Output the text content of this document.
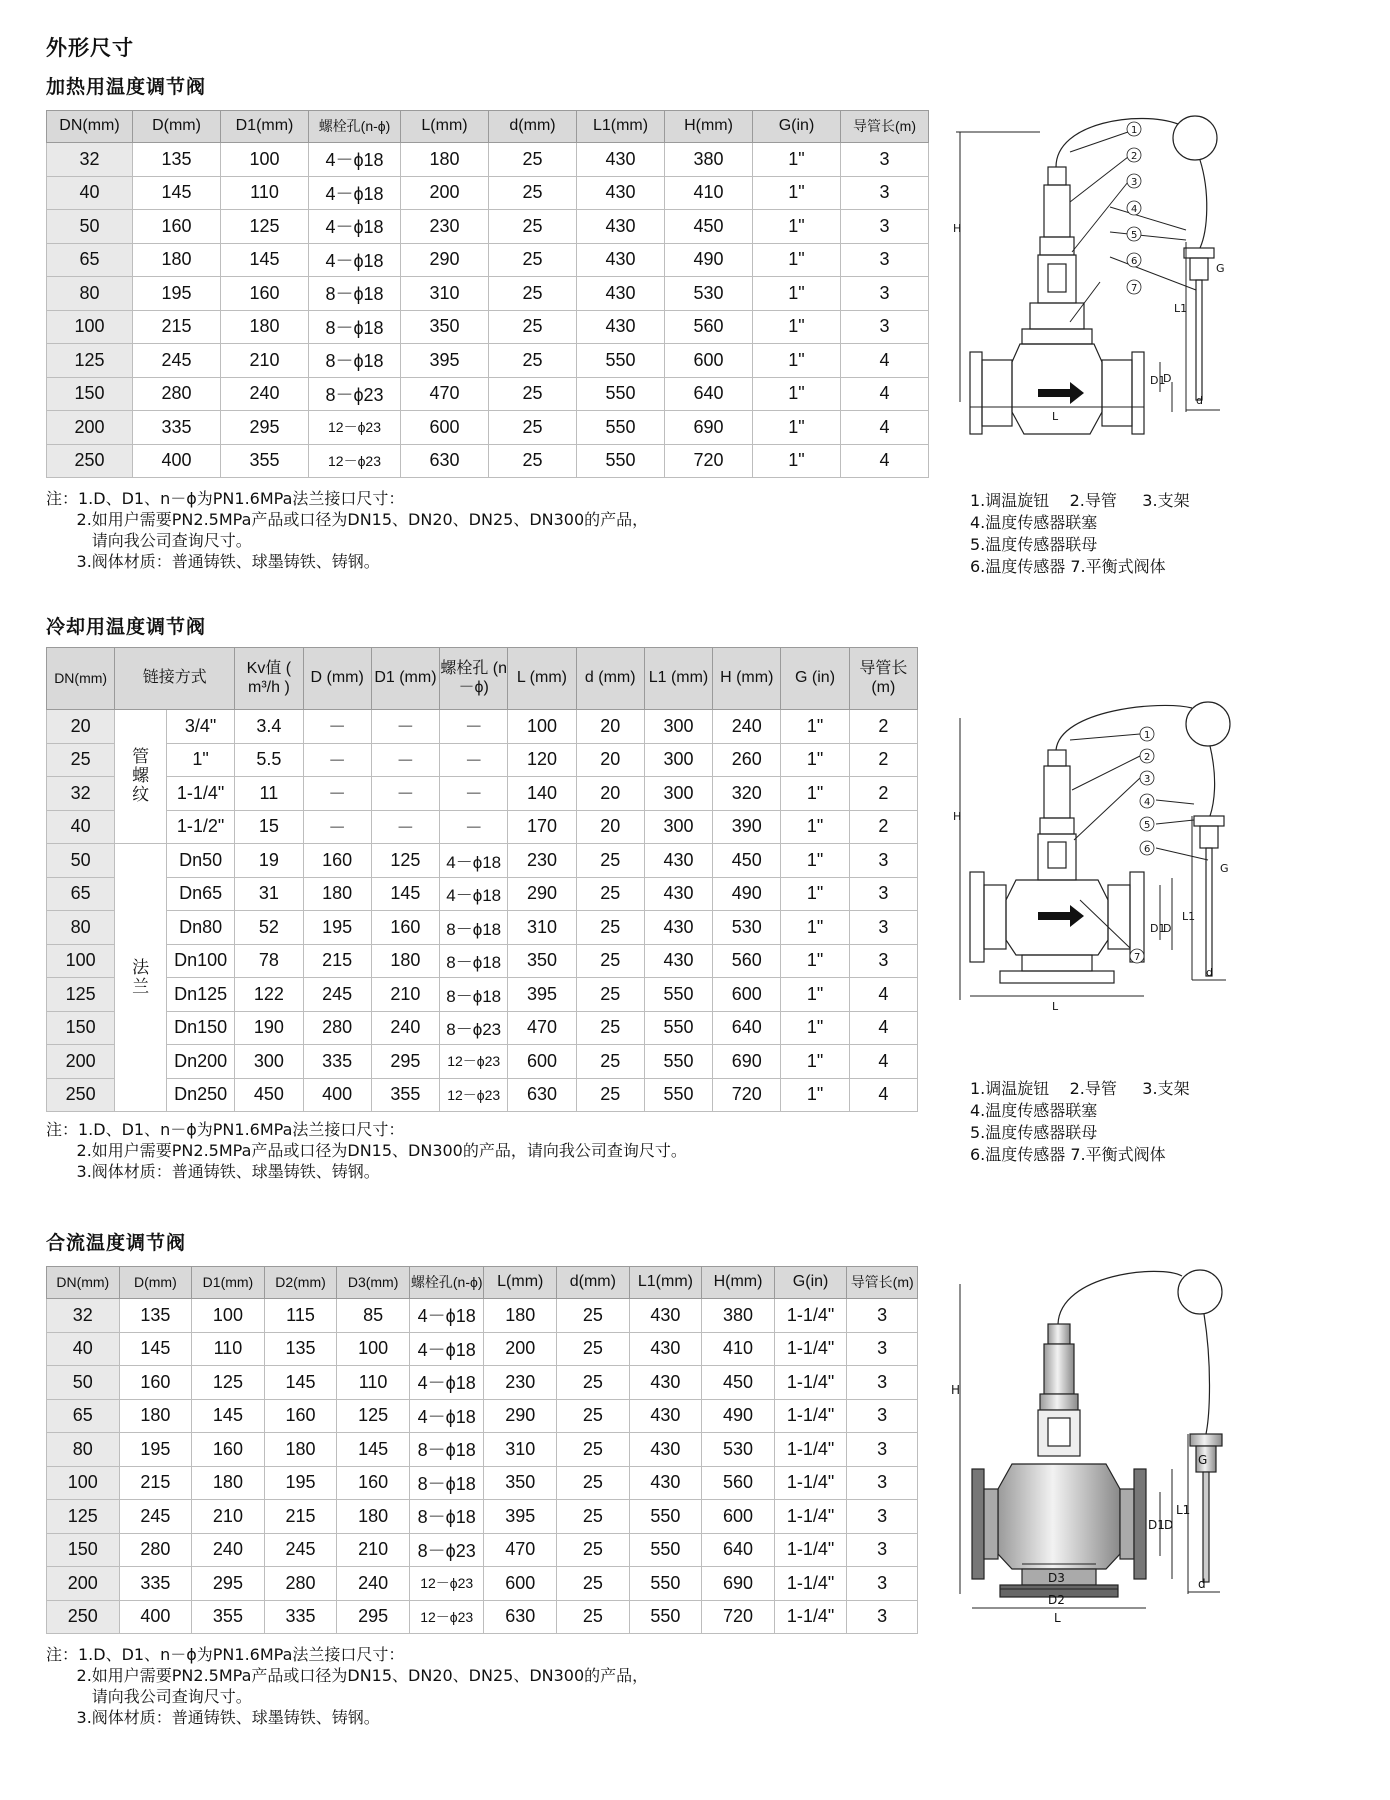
外形尺寸
加热用温度调节阀
DN(mm)	D(mm)	D1(mm)	螺栓孔(n-ϕ)	L(mm)	d(mm)	L1(mm)	H(mm)	G(in)	导管长(m)
32	135	100	4－ϕ18	180	25	430	380	1"	3
40	145	110	4－ϕ18	200	25	430	410	1"	3
50	160	125	4－ϕ18	230	25	430	450	1"	3
65	180	145	4－ϕ18	290	25	430	490	1"	3
80	195	160	8－ϕ18	310	25	430	530	1"	3
100	215	180	8－ϕ18	350	25	430	560	1"	3
125	245	210	8－ϕ18	395	25	550	600	1"	4
150	280	240	8－ϕ23	470	25	550	640	1"	4
200	335	295	12－ϕ23	600	25	550	690	1"	4
250	400	355	12－ϕ23	630	25	550	720	1"	4
注：1.D、D1、n－ϕ为PN1.6MPa法兰接口尺寸：
2.如用户需要PN2.5MPa产品或口径为DN15、DN20、DN25、DN300的产品，
请向我公司查询尺寸。
3.阀体材质：普通铸铁、球墨铸铁、铸钢。
H
L
D1
D
L1
G
d
1
2
3
4
5
6
7
1.调温旋钮    2.导管     3.支架
4.温度传感器联塞
5.温度传感器联母
6.温度传感器 7.平衡式阀体
冷却用温度调节阀
DN(mm)	链接方式		Kv值 ( m³/h )	D (mm)	D1 (mm)	螺栓孔 (n－ϕ)	L (mm)	d (mm)	L1 (mm)	H (mm)	G (in)	导管长 (m)
20	管 螺 纹	3/4"	3.4	－	－	－	100	20	300	240	1"	2
25		1"	5.5	－	－	－	120	20	300	260	1"	2
32		1-1/4"	11	－	－	－	140	20	300	320	1"	2
40		1-1/2"	15	－	－	－	170	20	300	390	1"	2
50	法 兰	Dn50	19	160	125	4－ϕ18	230	25	430	450	1"	3
65		Dn65	31	180	145	4－ϕ18	290	25	430	490	1"	3
80		Dn80	52	195	160	8－ϕ18	310	25	430	530	1"	3
100		Dn100	78	215	180	8－ϕ18	350	25	430	560	1"	3
125		Dn125	122	245	210	8－ϕ18	395	25	550	600	1"	4
150		Dn150	190	280	240	8－ϕ23	470	25	550	640	1"	4
200		Dn200	300	335	295	12－ϕ23	600	25	550	690	1"	4
250		Dn250	450	400	355	12－ϕ23	630	25	550	720	1"	4
注：1.D、D1、n－ϕ为PN1.6MPa法兰接口尺寸：
2.如用户需要PN2.5MPa产品或口径为DN15、DN300的产品，请向我公司查询尺寸。
3.阀体材质：普通铸铁、球墨铸铁、铸钢。
H
L
D1
D
L1
G
d
1
2
3
4
5
6
7
1.调温旋钮    2.导管     3.支架
4.温度传感器联塞
5.温度传感器联母
6.温度传感器 7.平衡式阀体
合流温度调节阀
DN(mm)	D(mm)	D1(mm)	D2(mm)	D3(mm)	螺栓孔(n-ϕ)	L(mm)	d(mm)	L1(mm)	H(mm)	G(in)	导管长(m)
32	135	100	115	85	4－ϕ18	180	25	430	380	1-1/4"	3
40	145	110	135	100	4－ϕ18	200	25	430	410	1-1/4"	3
50	160	125	145	110	4－ϕ18	230	25	430	450	1-1/4"	3
65	180	145	160	125	4－ϕ18	290	25	430	490	1-1/4"	3
80	195	160	180	145	8－ϕ18	310	25	430	530	1-1/4"	3
100	215	180	195	160	8－ϕ18	350	25	430	560	1-1/4"	3
125	245	210	215	180	8－ϕ18	395	25	550	600	1-1/4"	3
150	280	240	245	210	8－ϕ23	470	25	550	640	1-1/4"	3
200	335	295	280	240	12－ϕ23	600	25	550	690	1-1/4"	3
250	400	355	335	295	12－ϕ23	630	25	550	720	1-1/4"	3
注：1.D、D1、n－ϕ为PN1.6MPa法兰接口尺寸：
2.如用户需要PN2.5MPa产品或口径为DN15、DN20、DN25、DN300的产品，
请向我公司查询尺寸。
3.阀体材质：普通铸铁、球墨铸铁、铸钢。
H
L
D1 D
L1
G
d
D3
D2
